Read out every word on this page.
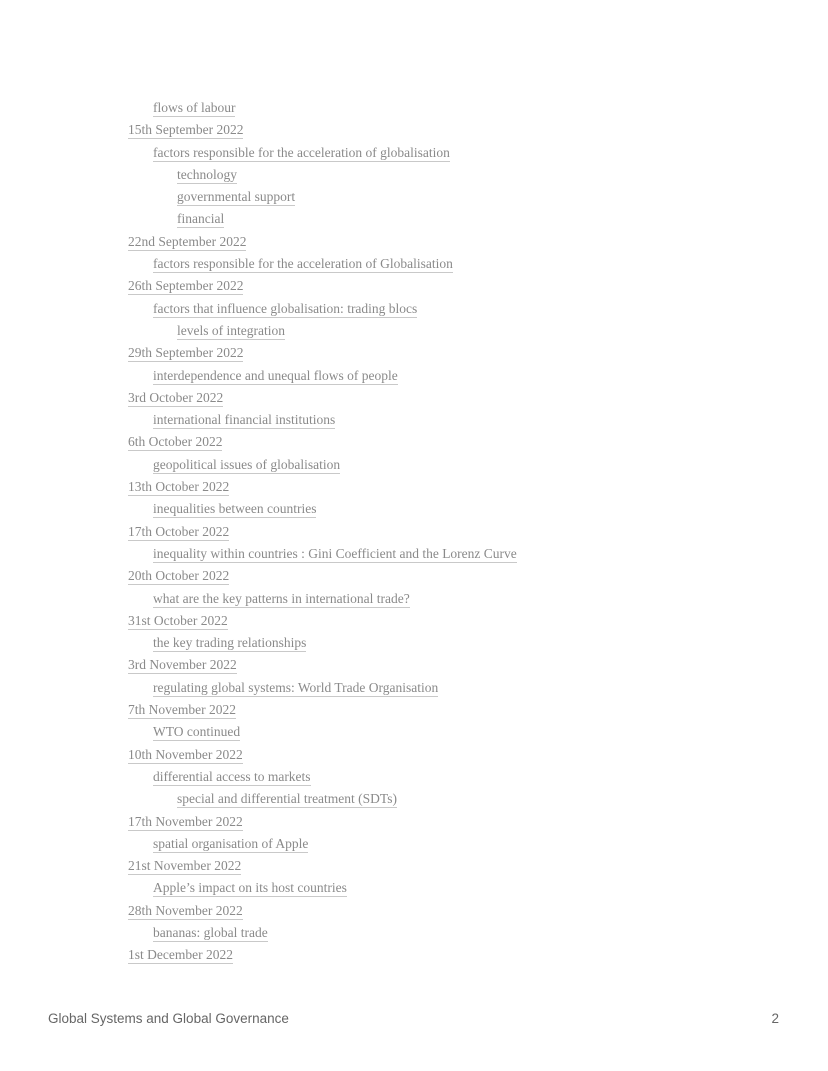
flows of labour
15th September 2022
factors responsible for the acceleration of globalisation
technology
governmental support
financial
22nd September 2022
factors responsible for the acceleration of Globalisation
26th September 2022
factors that influence globalisation: trading blocs
levels of integration
29th September 2022
interdependence and unequal flows of people
3rd October 2022
international financial institutions
6th October 2022
geopolitical issues of globalisation
13th October 2022
inequalities between countries
17th October 2022
inequality within countries : Gini Coefficient and the Lorenz Curve
20th October 2022
what are the key patterns in international trade?
31st October 2022
the key trading relationships
3rd November 2022
regulating global systems: World Trade Organisation
7th November 2022
WTO continued
10th November 2022
differential access to markets
special and differential treatment (SDTs)
17th November 2022
spatial organisation of Apple
21st November 2022
Apple’s impact on its host countries
28th November 2022
bananas: global trade
1st December 2022
Global Systems and Global Governance	2
